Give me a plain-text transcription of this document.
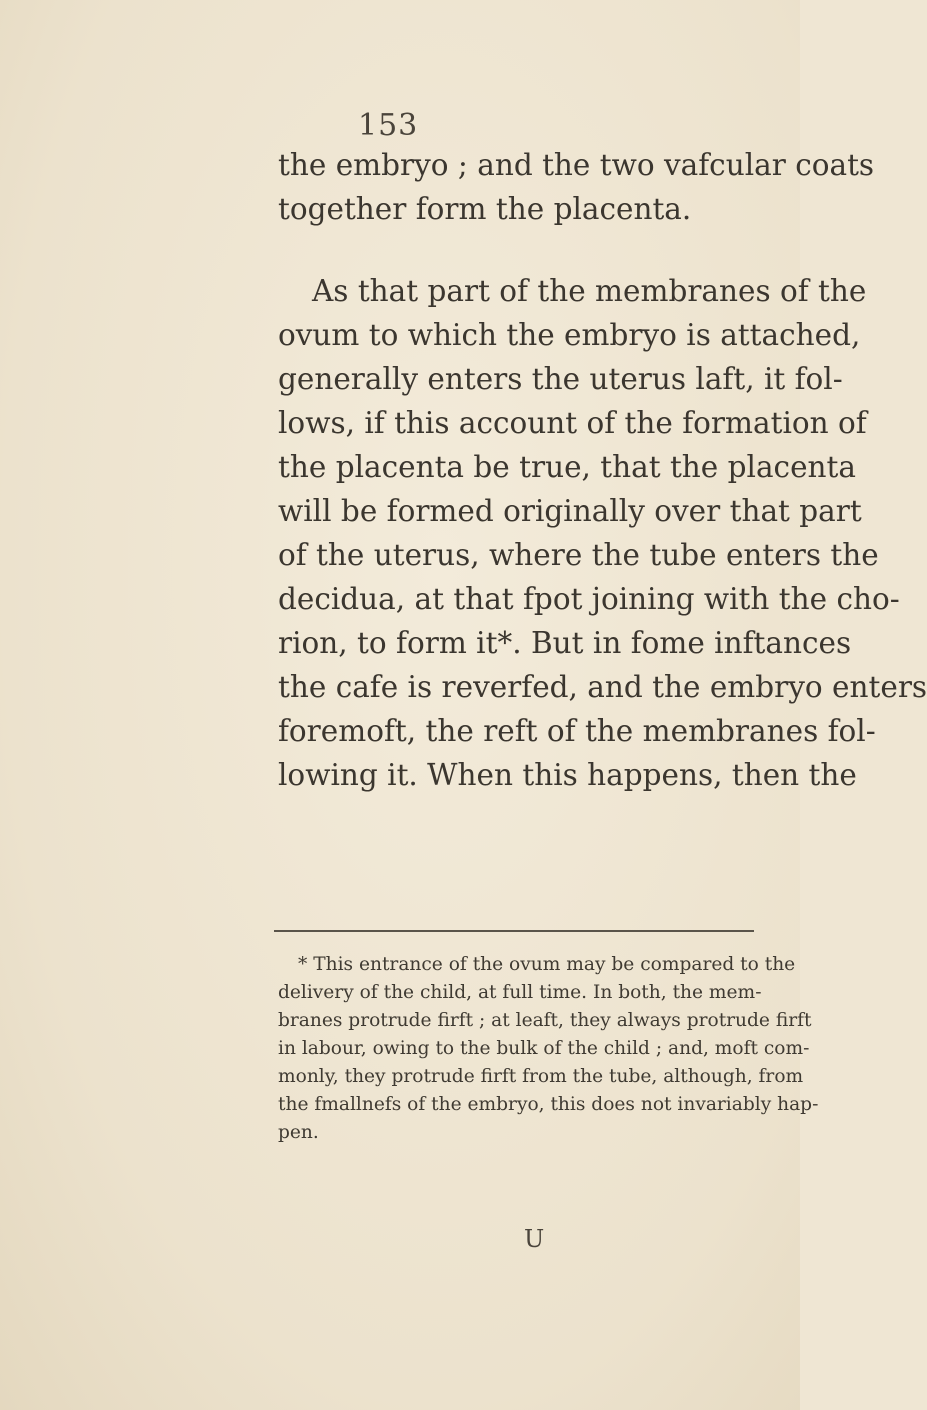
153
the embryo ; and the two vafcular coats
together form the placenta.
As that part of the membranes of the
ovum to which the embryo is attached,
generally enters the uterus laft, it fol-
lows, if this account of the formation of
the placenta be true, that the placenta
will be formed originally over that part
of the uterus, where the tube enters the
decidua, at that fpot joining with the cho-
rion, to form it*. But in fome inftances
the cafe is reverfed, and the embryo enters
foremoft, the reft of the membranes fol-
lowing it. When this happens, then the
* This entrance of the ovum may be compared to the
delivery of the child, at full time. In both, the mem-
branes protrude firft ; at leaft, they always protrude firft
in labour, owing to the bulk of the child ; and, moft com-
monly, they protrude firft from the tube, although, from
the fmallnefs of the embryo, this does not invariably hap-
pen.
U
